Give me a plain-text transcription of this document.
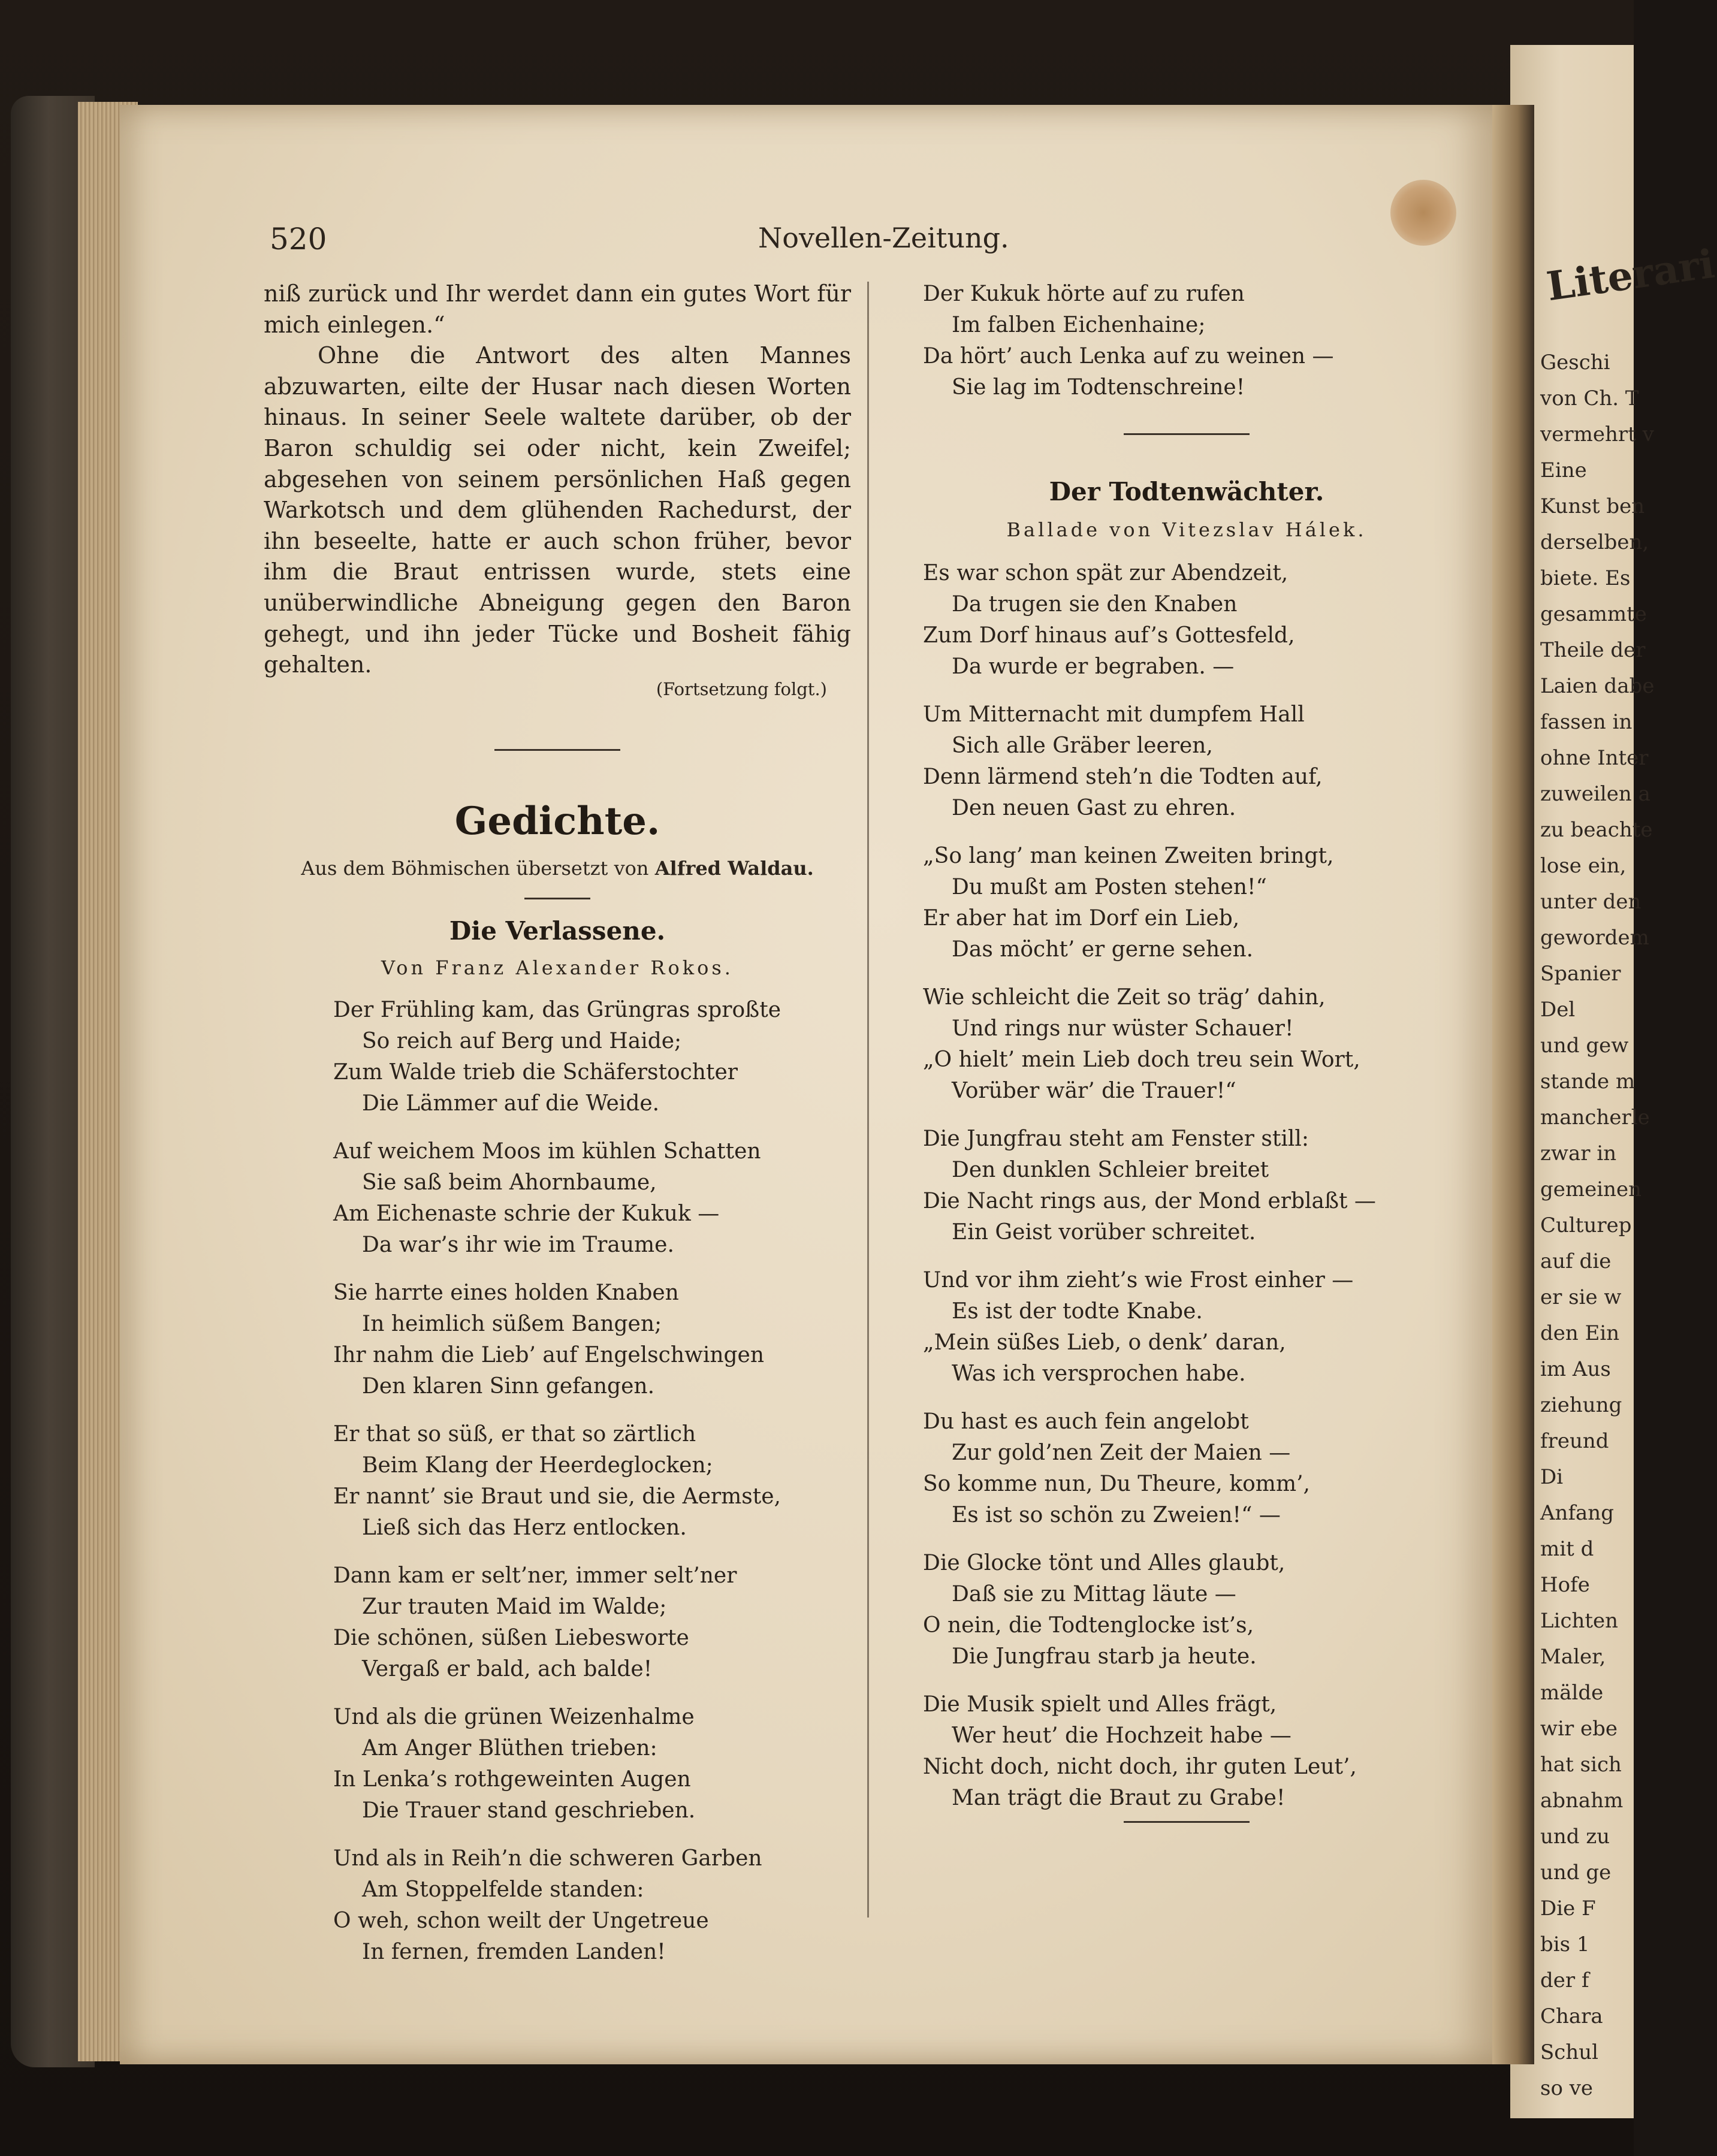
Literari
Geschi
von Ch. T
vermehrt v
Eine
Kunst ben
derselben,
biete. Es
gesammte
Theile der
Laien dabe
fassen in
ohne Inter
zuweilen a
zu beachte
lose ein,
unter den
gewordem
Spanier
Del
und gew
stande m
mancherle
zwar in
gemeinen
Culturep
auf die
er sie w
den Ein
im Aus
ziehung
freund
Di
Anfang
mit d
Hofe
Lichten
Maler,
mälde
wir ebe
hat sich
abnahm
und zu
und ge
Die F
bis 1
der f
Chara
Schul
so ve
520	Novellen-Zeitung.

niß zurück und Ihr werdet dann ein gutes Wort für mich einlegen.“

Ohne die Antwort des alten Mannes abzuwarten, eilte der Husar nach diesen Worten hinaus. In seiner Seele waltete darüber, ob der Baron schuldig sei oder nicht, kein Zweifel; abgesehen von seinem persönlichen Haß gegen Warkotsch und dem glühenden Rachedurst, der ihn beseelte, hatte er auch schon früher, bevor ihm die Braut entrissen wurde, stets eine unüberwindliche Abneigung gegen den Baron gehegt, und ihn jeder Tücke und Bosheit fähig gehalten.

(Fortsetzung folgt.)
Gedichte.
Aus dem Böhmischen übersetzt von Alfred Waldau.
Die Verlassene.
Von Franz Alexander Rokos.
Der Frühling kam, das Grüngras sproßte
So reich auf Berg und Haide;
Zum Walde trieb die Schäferstochter
Die Lämmer auf die Weide.
Auf weichem Moos im kühlen Schatten
Sie saß beim Ahornbaume,
Am Eichenaste schrie der Kukuk —
Da war’s ihr wie im Traume.
Sie harrte eines holden Knaben
In heimlich süßem Bangen;
Ihr nahm die Lieb’ auf Engelschwingen
Den klaren Sinn gefangen.
Er that so süß, er that so zärtlich
Beim Klang der Heerdeglocken;
Er nannt’ sie Braut und sie, die Aermste,
Ließ sich das Herz entlocken.
Dann kam er selt’ner, immer selt’ner
Zur trauten Maid im Walde;
Die schönen, süßen Liebesworte
Vergaß er bald, ach balde!
Und als die grünen Weizenhalme
Am Anger Blüthen trieben:
In Lenka’s rothgeweinten Augen
Die Trauer stand geschrieben.
Und als in Reih’n die schweren Garben
Am Stoppelfelde standen:
O weh, schon weilt der Ungetreue
In fernen, fremden Landen!
Der Kukuk hörte auf zu rufen
Im falben Eichenhaine;
Da hört’ auch Lenka auf zu weinen —
Sie lag im Todtenschreine!
Der Todtenwächter.
Ballade von Vitezslav Hálek.
Es war schon spät zur Abendzeit,
Da trugen sie den Knaben
Zum Dorf hinaus auf’s Gottesfeld,
Da wurde er begraben. —
Um Mitternacht mit dumpfem Hall
Sich alle Gräber leeren,
Denn lärmend steh’n die Todten auf,
Den neuen Gast zu ehren.
„So lang’ man keinen Zweiten bringt,
Du mußt am Posten stehen!“
Er aber hat im Dorf ein Lieb,
Das möcht’ er gerne sehen.
Wie schleicht die Zeit so träg’ dahin,
Und rings nur wüster Schauer!
„O hielt’ mein Lieb doch treu sein Wort,
Vorüber wär’ die Trauer!“
Die Jungfrau steht am Fenster still:
Den dunklen Schleier breitet
Die Nacht rings aus, der Mond erblaßt —
Ein Geist vorüber schreitet.
Und vor ihm zieht’s wie Frost einher —
Es ist der todte Knabe.
„Mein süßes Lieb, o denk’ daran,
Was ich versprochen habe.
Du hast es auch fein angelobt
Zur gold’nen Zeit der Maien —
So komme nun, Du Theure, komm’,
Es ist so schön zu Zweien!“ —
Die Glocke tönt und Alles glaubt,
Daß sie zu Mittag läute —
O nein, die Todtenglocke ist’s,
Die Jungfrau starb ja heute.
Die Musik spielt und Alles frägt,
Wer heut’ die Hochzeit habe —
Nicht doch, nicht doch, ihr guten Leut’,
Man trägt die Braut zu Grabe!
